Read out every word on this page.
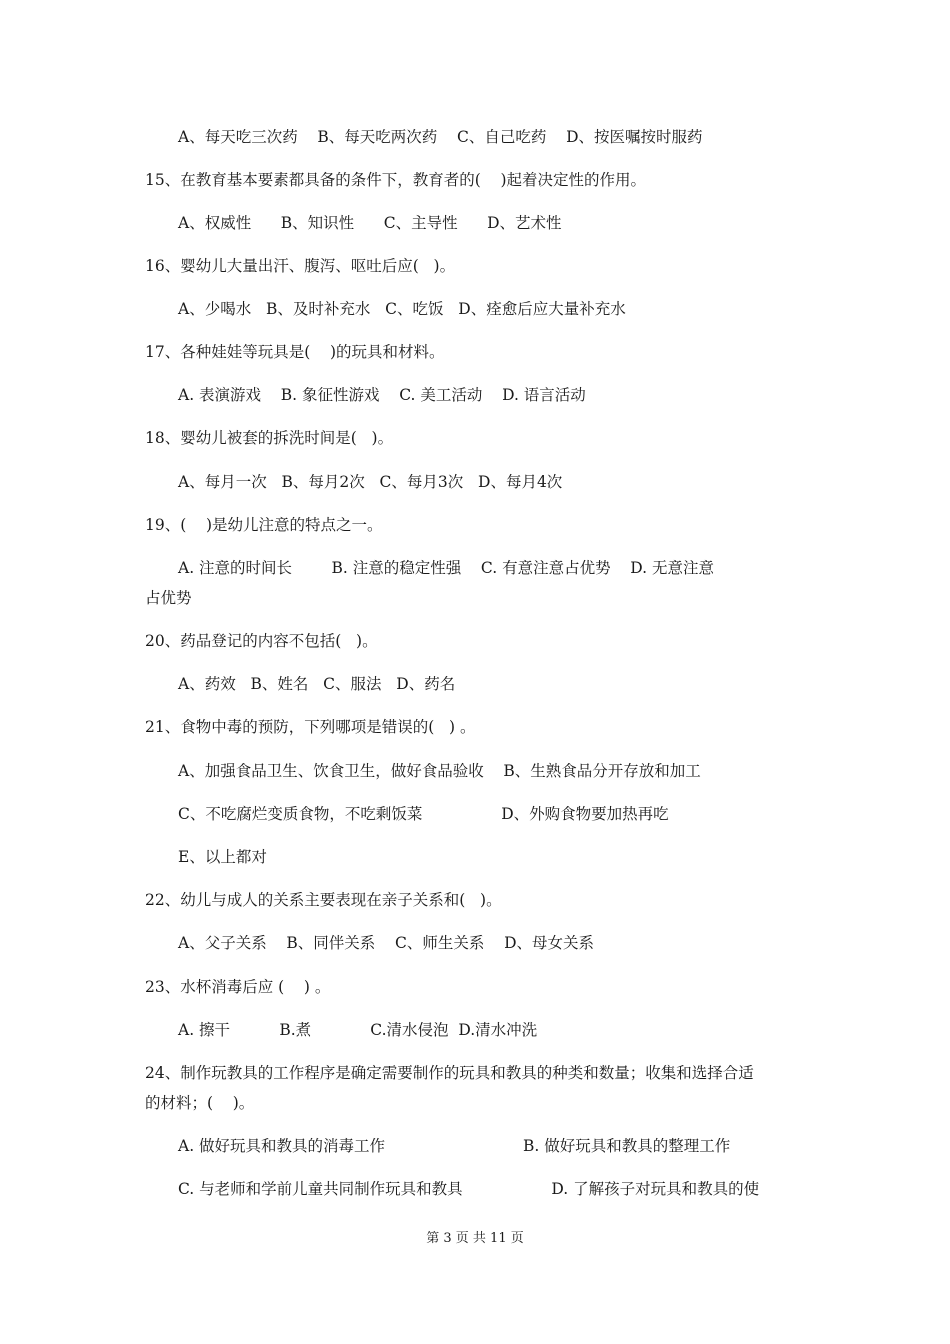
A、每天吃三次药    B、每天吃两次药    C、自己吃药    D、按医嘱按时服药
15、在教育基本要素都具备的条件下，教育者的(    )起着决定性的作用。
A、权威性      B、知识性      C、主导性      D、艺术性
16、婴幼儿大量出汗、腹泻、呕吐后应(   )。
A、少喝水   B、及时补充水   C、吃饭   D、痊愈后应大量补充水
17、各种娃娃等玩具是(    )的玩具和材料。
A. 表演游戏    B. 象征性游戏    C. 美工活动    D. 语言活动
18、婴幼儿被套的拆洗时间是(   )。
A、每月一次   B、每月2次   C、每月3次   D、每月4次
19、(    )是幼儿注意的特点之一。
A. 注意的时间长        B. 注意的稳定性强    C. 有意注意占优势    D. 无意注意
占优势
20、药品登记的内容不包括(   )。
A、药效   B、姓名   C、服法   D、药名
21、食物中毒的预防，下列哪项是错误的(   ) 。
A、加强食品卫生、饮食卫生，做好食品验收    B、生熟食品分开存放和加工
C、不吃腐烂变质食物，不吃剩饭菜                D、外购食物要加热再吃
E、以上都对
22、幼儿与成人的关系主要表现在亲子关系和(   )。
A、父子关系    B、同伴关系    C、师生关系    D、母女关系
23、水杯消毒后应 (    ) 。
A. 擦干          B.煮            C.清水侵泡  D.清水冲洗
24、制作玩教具的工作程序是确定需要制作的玩具和教具的种类和数量；收集和选择合适
的材料；(    )。
A. 做好玩具和教具的消毒工作                            B. 做好玩具和教具的整理工作
C. 与老师和学前儿童共同制作玩具和教具                  D. 了解孩子对玩具和教具的使
第 3 页 共 11 页
